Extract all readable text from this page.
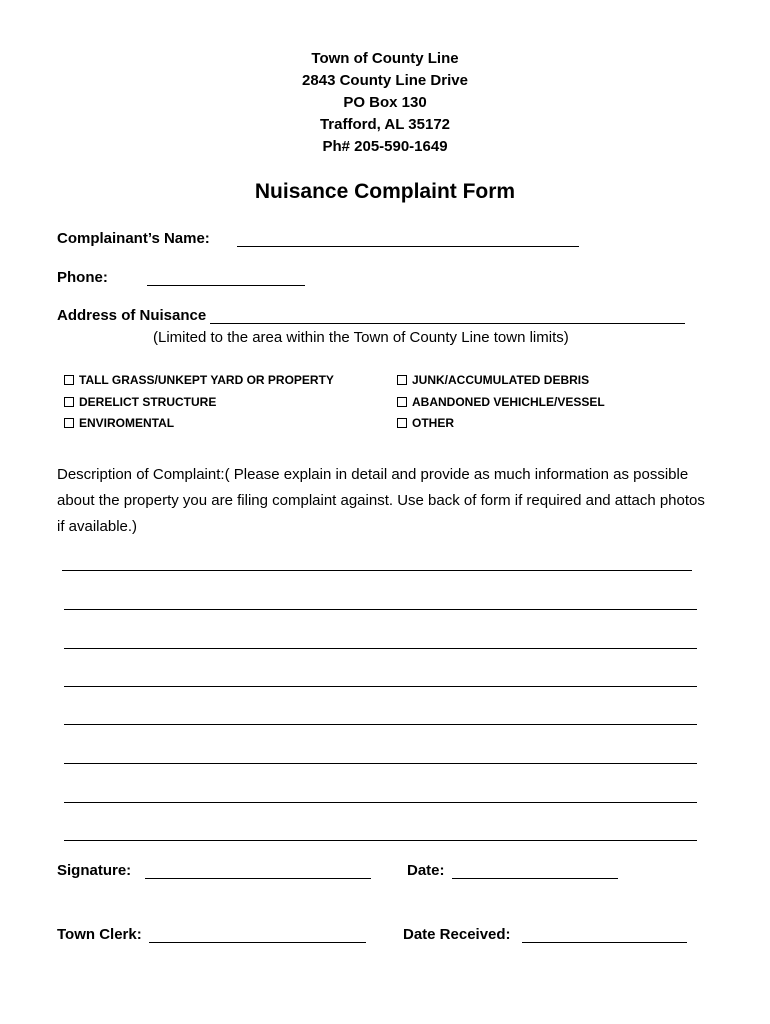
Town of County Line
2843 County Line Drive
PO Box 130
Trafford, AL 35172
Ph# 205-590-1649
Nuisance Complaint Form
Complainant’s Name:
Phone:
Address of Nuisance
(Limited to the area within the Town of County Line town limits)
TALL GRASS/UNKEPT YARD OR PROPERTY
DERELICT STRUCTURE
ENVIROMENTAL
JUNK/ACCUMULATED DEBRIS
ABANDONED VEHICHLE/VESSEL
OTHER
Description of Complaint:( Please explain in detail and provide as much information as possible about the property you are filing complaint against. Use back of form if required and attach photos if available.)
Signature:	Date:
Town Clerk:	Date Received:
